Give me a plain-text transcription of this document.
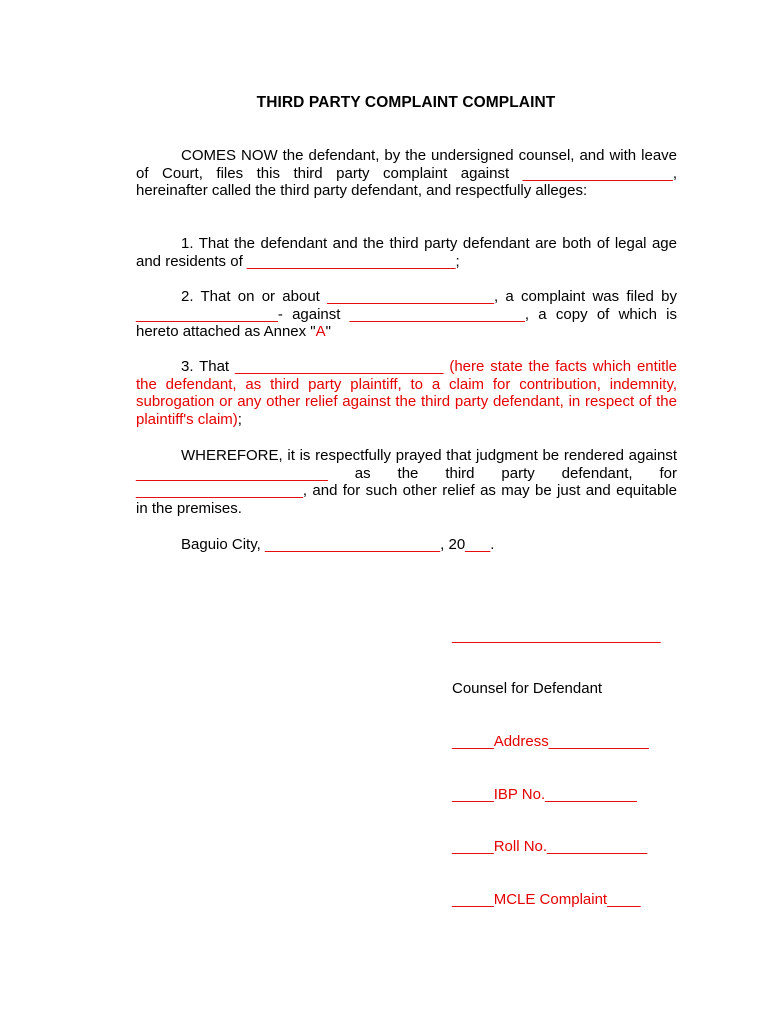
THIRD PARTY COMPLAINT COMPLAINT

COMES NOW the defendant, by the undersigned counsel, and with leave of Court, files this third party complaint against __________________, hereinafter called the third party defendant, and respectfully alleges:

1. That the defendant and the third party defendant are both of legal age and residents of _________________________;

2. That on or about ____________________, a complaint was filed by _________________- against _____________________, a copy of which is hereto attached as Annex "A"

3. That _________________________ (here state the facts which entitle the defendant, as third party plaintiff, to a claim for contribution, indemnity, subrogation or any other relief against the third party defendant, in respect of the plaintiff's claim);

WHEREFORE, it is respectfully prayed that judgment be rendered against _______________________ as the third party defendant, for ____________________, and for such other relief as may be just and equitable in the premises.

Baguio City, _____________________, 20___.

_________________________

Counsel for Defendant

_____Address____________

_____IBP No.___________

_____Roll No.____________

_____MCLE Complaint____
